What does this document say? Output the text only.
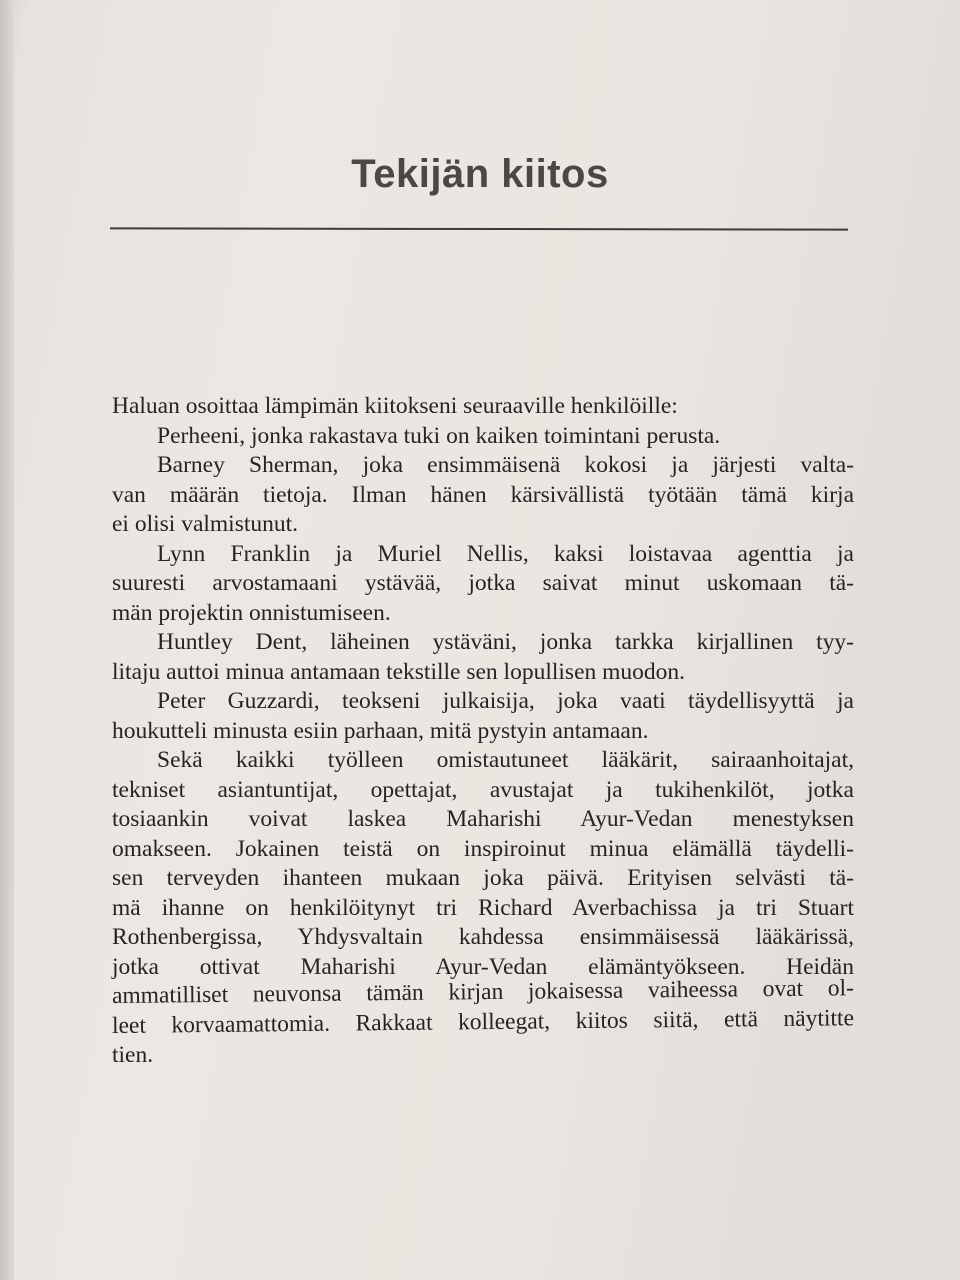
Tekijän kiitos
Haluan osoittaa lämpimän kiitokseni seuraaville henkilöille:
Perheeni, jonka rakastava tuki on kaiken toimintani perusta.
Barney Sherman, joka ensimmäisenä kokosi ja järjesti valta-
van määrän tietoja. Ilman hänen kärsivällistä työtään tämä kirja
ei olisi valmistunut.
Lynn Franklin ja Muriel Nellis, kaksi loistavaa agenttia ja
suuresti arvostamaani ystävää, jotka saivat minut uskomaan tä-
män projektin onnistumiseen.
Huntley Dent, läheinen ystäväni, jonka tarkka kirjallinen tyy-
litaju auttoi minua antamaan tekstille sen lopullisen muodon.
Peter Guzzardi, teokseni julkaisija, joka vaati täydellisyyttä ja
houkutteli minusta esiin parhaan, mitä pystyin antamaan.
Sekä kaikki työlleen omistautuneet lääkärit, sairaanhoitajat,
tekniset asiantuntijat, opettajat, avustajat ja tukihenkilöt, jotka
tosiaankin voivat laskea Maharishi Ayur-Vedan menestyksen
omakseen. Jokainen teistä on inspiroinut minua elämällä täydelli-
sen terveyden ihanteen mukaan joka päivä. Erityisen selvästi tä-
mä ihanne on henkilöitynyt tri Richard Averbachissa ja tri Stuart
Rothenbergissa, Yhdysvaltain kahdessa ensimmäisessä lääkärissä,
jotka ottivat Maharishi Ayur-Vedan elämäntyökseen. Heidän
ammatilliset neuvonsa tämän kirjan jokaisessa vaiheessa ovat ol-
leet korvaamattomia. Rakkaat kolleegat, kiitos siitä, että näytitte
tien.
